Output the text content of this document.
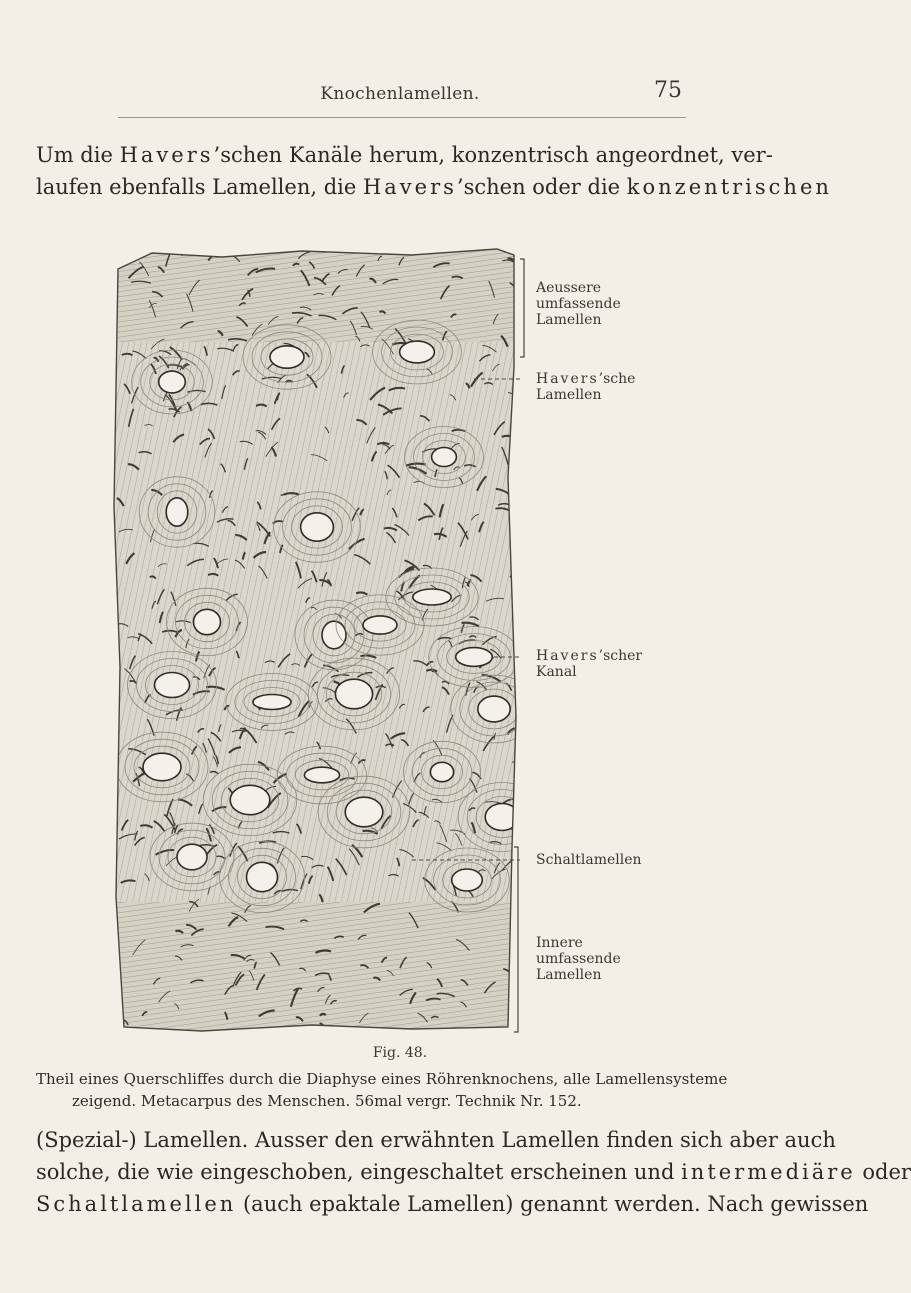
Knochenlamellen.	75
Um die Havers’schen Kanäle herum, konzentrisch angeordnet, ver-
laufen ebenfalls Lamellen, die Havers’schen oder die konzentrischen
Aeussere
umfassende
Lamellen
Havers’sche
Lamellen
Havers’scher
Kanal
Schaltlamellen
Innere
umfassende
Lamellen
Fig. 48.
Theil eines Querschliffes durch die Diaphyse eines Röhrenknochens, alle Lamellensysteme
zeigend. Metacarpus des Menschen. 56mal vergr. Technik Nr. 152.
(Spezial-) Lamellen. Ausser den erwähnten Lamellen finden sich aber auch
solche, die wie eingeschoben, eingeschaltet erscheinen und intermediäre oder
Schaltlamellen (auch epaktale Lamellen) genannt werden. Nach gewissen
